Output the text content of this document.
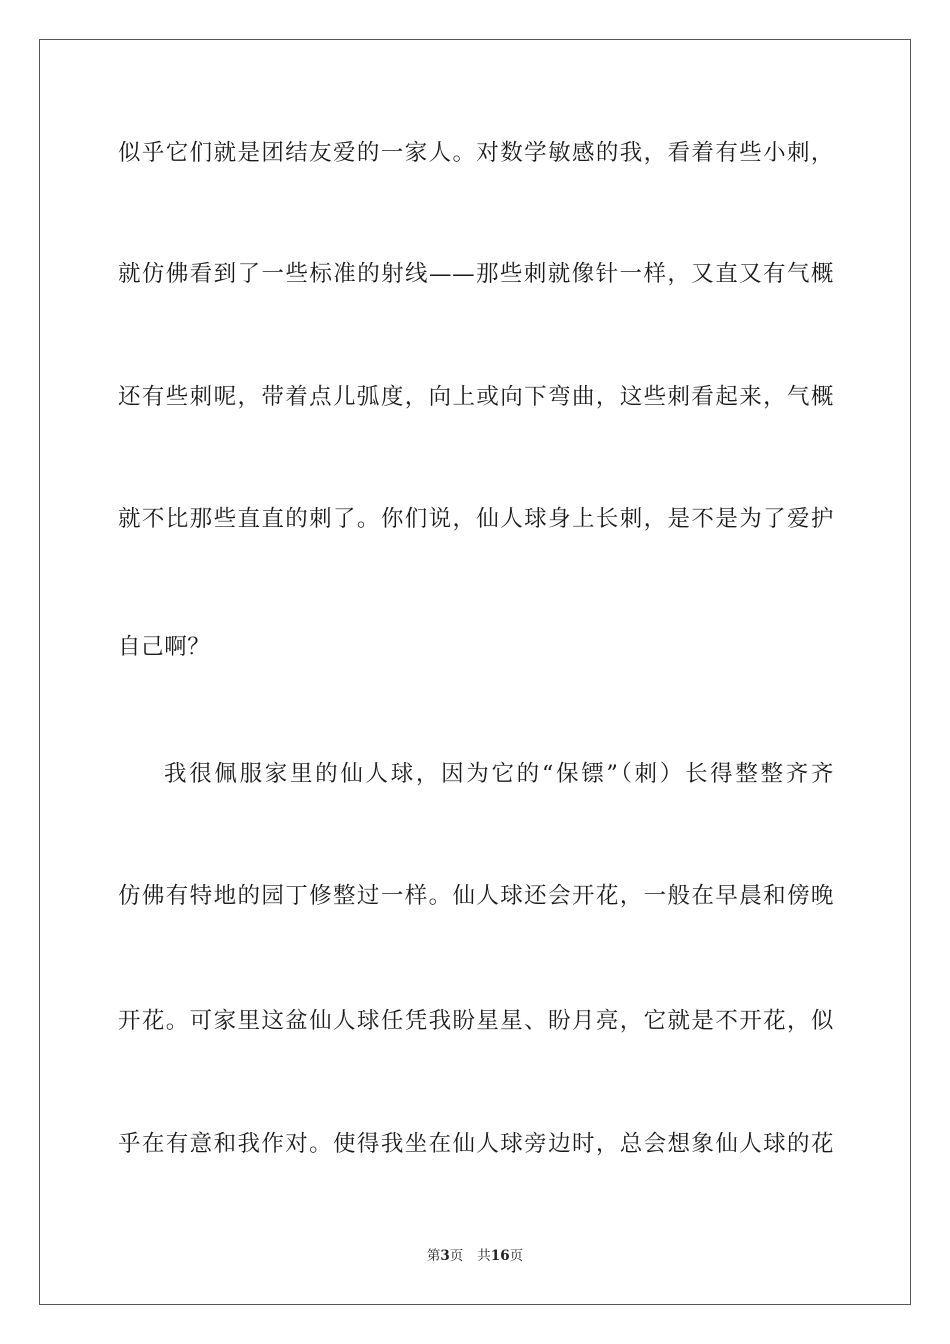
似乎它们就是团结友爱的一家人。对数学敏感的我，看着有些小刺，
就仿佛看到了一些标准的射线——那些刺就像针一样，又直又有气概
还有些刺呢，带着点儿弧度，向上或向下弯曲，这些刺看起来，气概
就不比那些直直的刺了。你们说，仙人球身上长刺，是不是为了爱护
自己啊？
我很佩服家里的仙人球，因为它的“保镖”（刺）长得整整齐齐
仿佛有特地的园丁修整过一样。仙人球还会开花，一般在早晨和傍晚
开花。可家里这盆仙人球任凭我盼星星、盼月亮，它就是不开花，似
乎在有意和我作对。使得我坐在仙人球旁边时，总会想象仙人球的花
第3页 共16页
